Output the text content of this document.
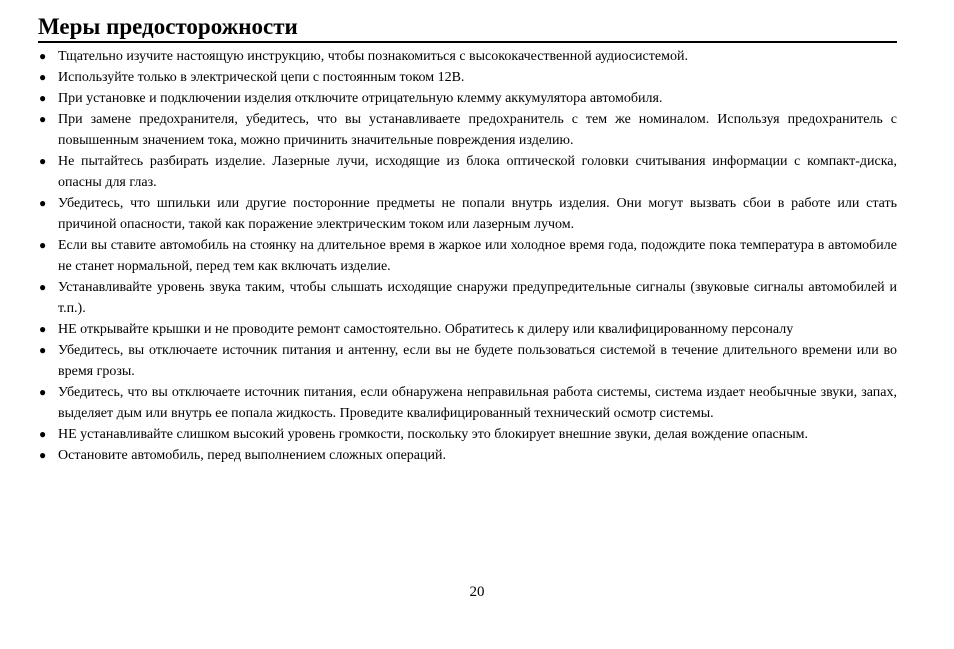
Меры предосторожности
● Тщательно изучите настоящую инструкцию, чтобы познакомиться с высококачественной аудиосистемой.
● Используйте только в электрической цепи с постоянным током 12В.
● При установке и подключении изделия отключите отрицательную клемму аккумулятора автомобиля.
● При замене предохранителя, убедитесь, что вы устанавливаете предохранитель с тем же номиналом. Используя предохранитель с повышенным значением тока, можно причинить значительные повреждения изделию.
● Не пытайтесь разбирать изделие. Лазерные лучи, исходящие из блока оптической головки считывания информации с компакт-диска, опасны для глаз.
● Убедитесь, что шпильки или другие посторонние предметы не попали внутрь изделия. Они могут вызвать сбои в работе или стать причиной опасности, такой как поражение электрическим током или лазерным лучом.
● Если вы ставите автомобиль на стоянку на длительное время в жаркое или холодное время года, подождите пока температура в автомобиле не станет нормальной, перед тем как включать изделие.
● Устанавливайте уровень звука таким, чтобы слышать исходящие снаружи предупредительные сигналы (звуковые сигналы автомобилей и т.п.).
● НЕ открывайте крышки и не проводите ремонт самостоятельно. Обратитесь к дилеру или квалифицированному персоналу
● Убедитесь, вы отключаете источник питания и антенну, если вы не будете пользоваться системой в течение длительного времени или во время грозы.
● Убедитесь, что вы отключаете источник питания, если обнаружена неправильная работа системы, система издает необычные звуки, запах, выделяет дым или внутрь ее попала жидкость. Проведите квалифицированный технический осмотр системы.
● НЕ устанавливайте слишком высокий уровень громкости, поскольку это блокирует внешние звуки, делая вождение опасным.
● Остановите автомобиль, перед выполнением сложных операций.
20
